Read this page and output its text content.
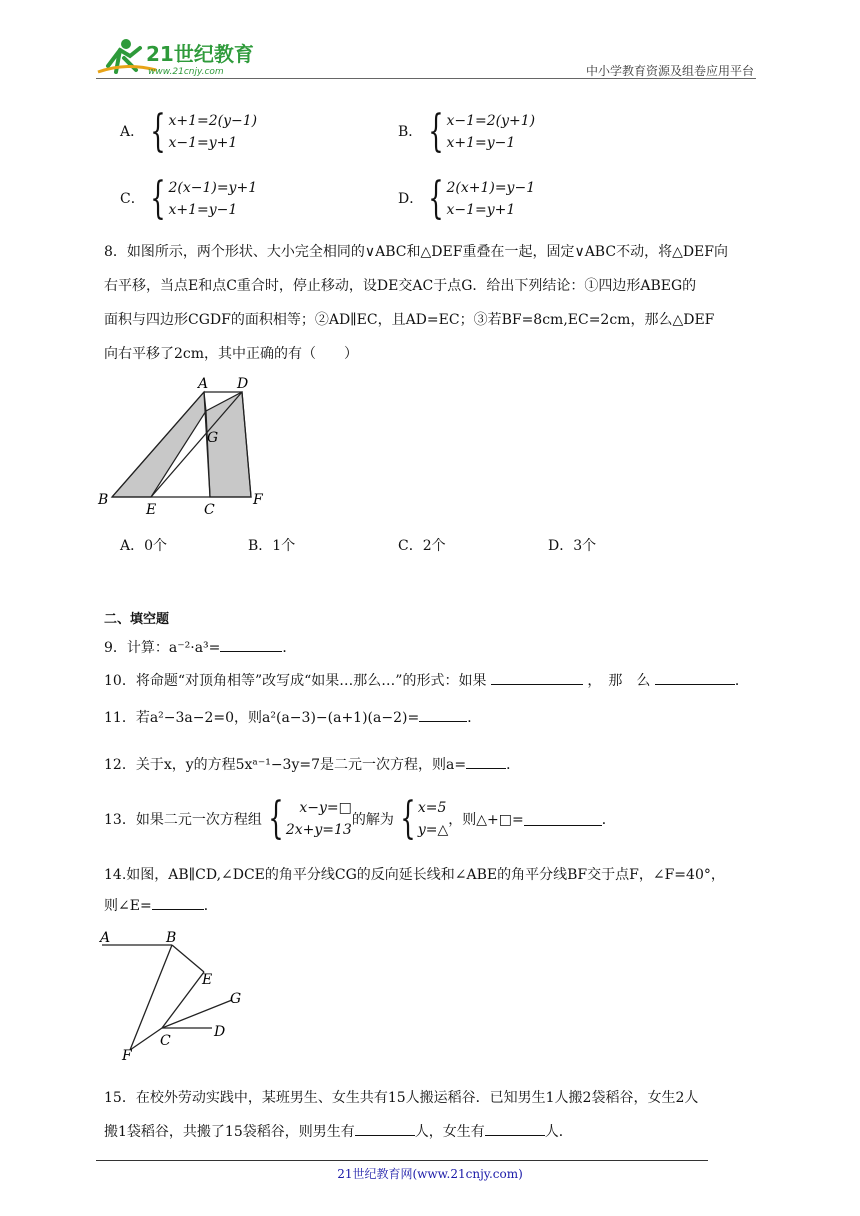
21世纪教育
www.21cnjy.com	中小学教育资源及组卷应用平台
A． { x+1=2(y−1)
x−1=y+1
B． { x−1=2(y+1)
x+1=y−1
C． { 2(x−1)=y+1
x+1=y−1
D． { 2(x+1)=y−1
x−1=y+1
8．如图所示，两个形状、大小完全相同的∨ABC和△DEF重叠在一起，固定∨ABC不动，将△DEF向
右平移，当点E和点C重合时，停止移动，设DE交AC于点G．给出下列结论：①四边形ABEG的
面积与四边形CGDF的面积相等；②AD∥EC，且AD=EC；③若BF=8cm,EC=2cm，那么△DEF
向右平移了2cm，其中正确的有（　　）
A D
G
B
E	C
F
A．0个	B．1个	C．2个	D．3个
二、填空题
9．计算：a⁻²·a³=	．
10．将命题“对顶角相等”改写成“如果…那么…”的形式：如果	，　那　么	．
11．若a²−3a−2=0，则a²(a−3)−(a+1)(a−2)=	．
12．关于x，y的方程5xᵃ⁻¹−3y=7是二元一次方程，则a=	．
13．如果二元一次方程组 { x−y=□
2x+y=13
的解为 { x=5
y=△
，则△+□=	．
14.如图，AB∥CD,∠DCE的角平分线CG的反向延长线和∠ABE的角平分线BF交于点F，∠F=40°，
则∠E=	．
A	B
E
G
D
C
F
15．在校外劳动实践中，某班男生、女生共有15人搬运稻谷．已知男生1人搬2袋稻谷，女生2人
搬1袋稻谷，共搬了15袋稻谷，则男生有	人，女生有	人．
21世纪教育网(www.21cnjy.com)
